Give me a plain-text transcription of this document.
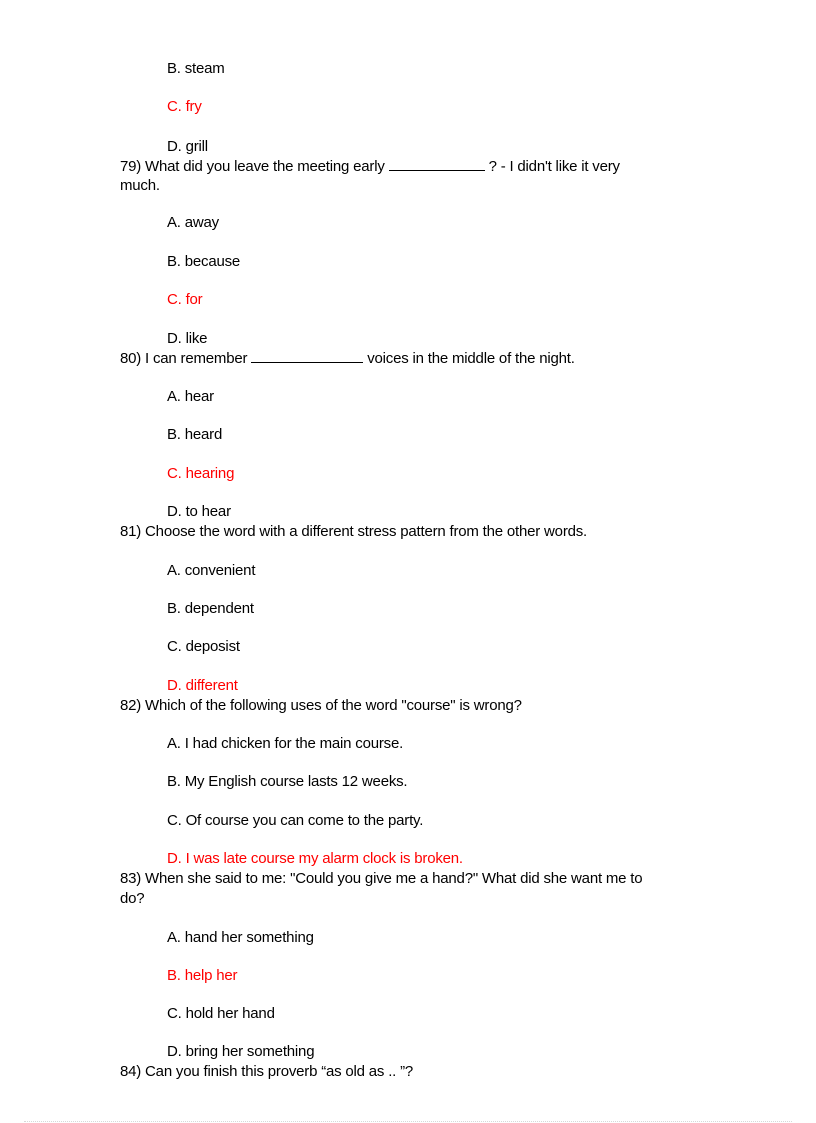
B. steam
C. fry
D. grill
79) What did you leave the meeting early	? - I didn't like it very
much.
A. away
B. because
C. for
D. like
80) I can remember	voices in the middle of the night.
A. hear
B. heard
C. hearing
D. to hear
81) Choose the word with a different stress pattern from the other words.
A. convenient
B. dependent
C. deposist
D. different
82) Which of the following uses of the word "course" is wrong?
A. I had chicken for the main course.
B. My English course lasts 12 weeks.
C. Of course you can come to the party.
D. I was late course my alarm clock is broken.
83) When she said to me: "Could you give me a hand?" What did she want me to
do?
A. hand her something
B. help her
C. hold her hand
D. bring her something
84) Can you finish this proverb “as old as .. ”?
